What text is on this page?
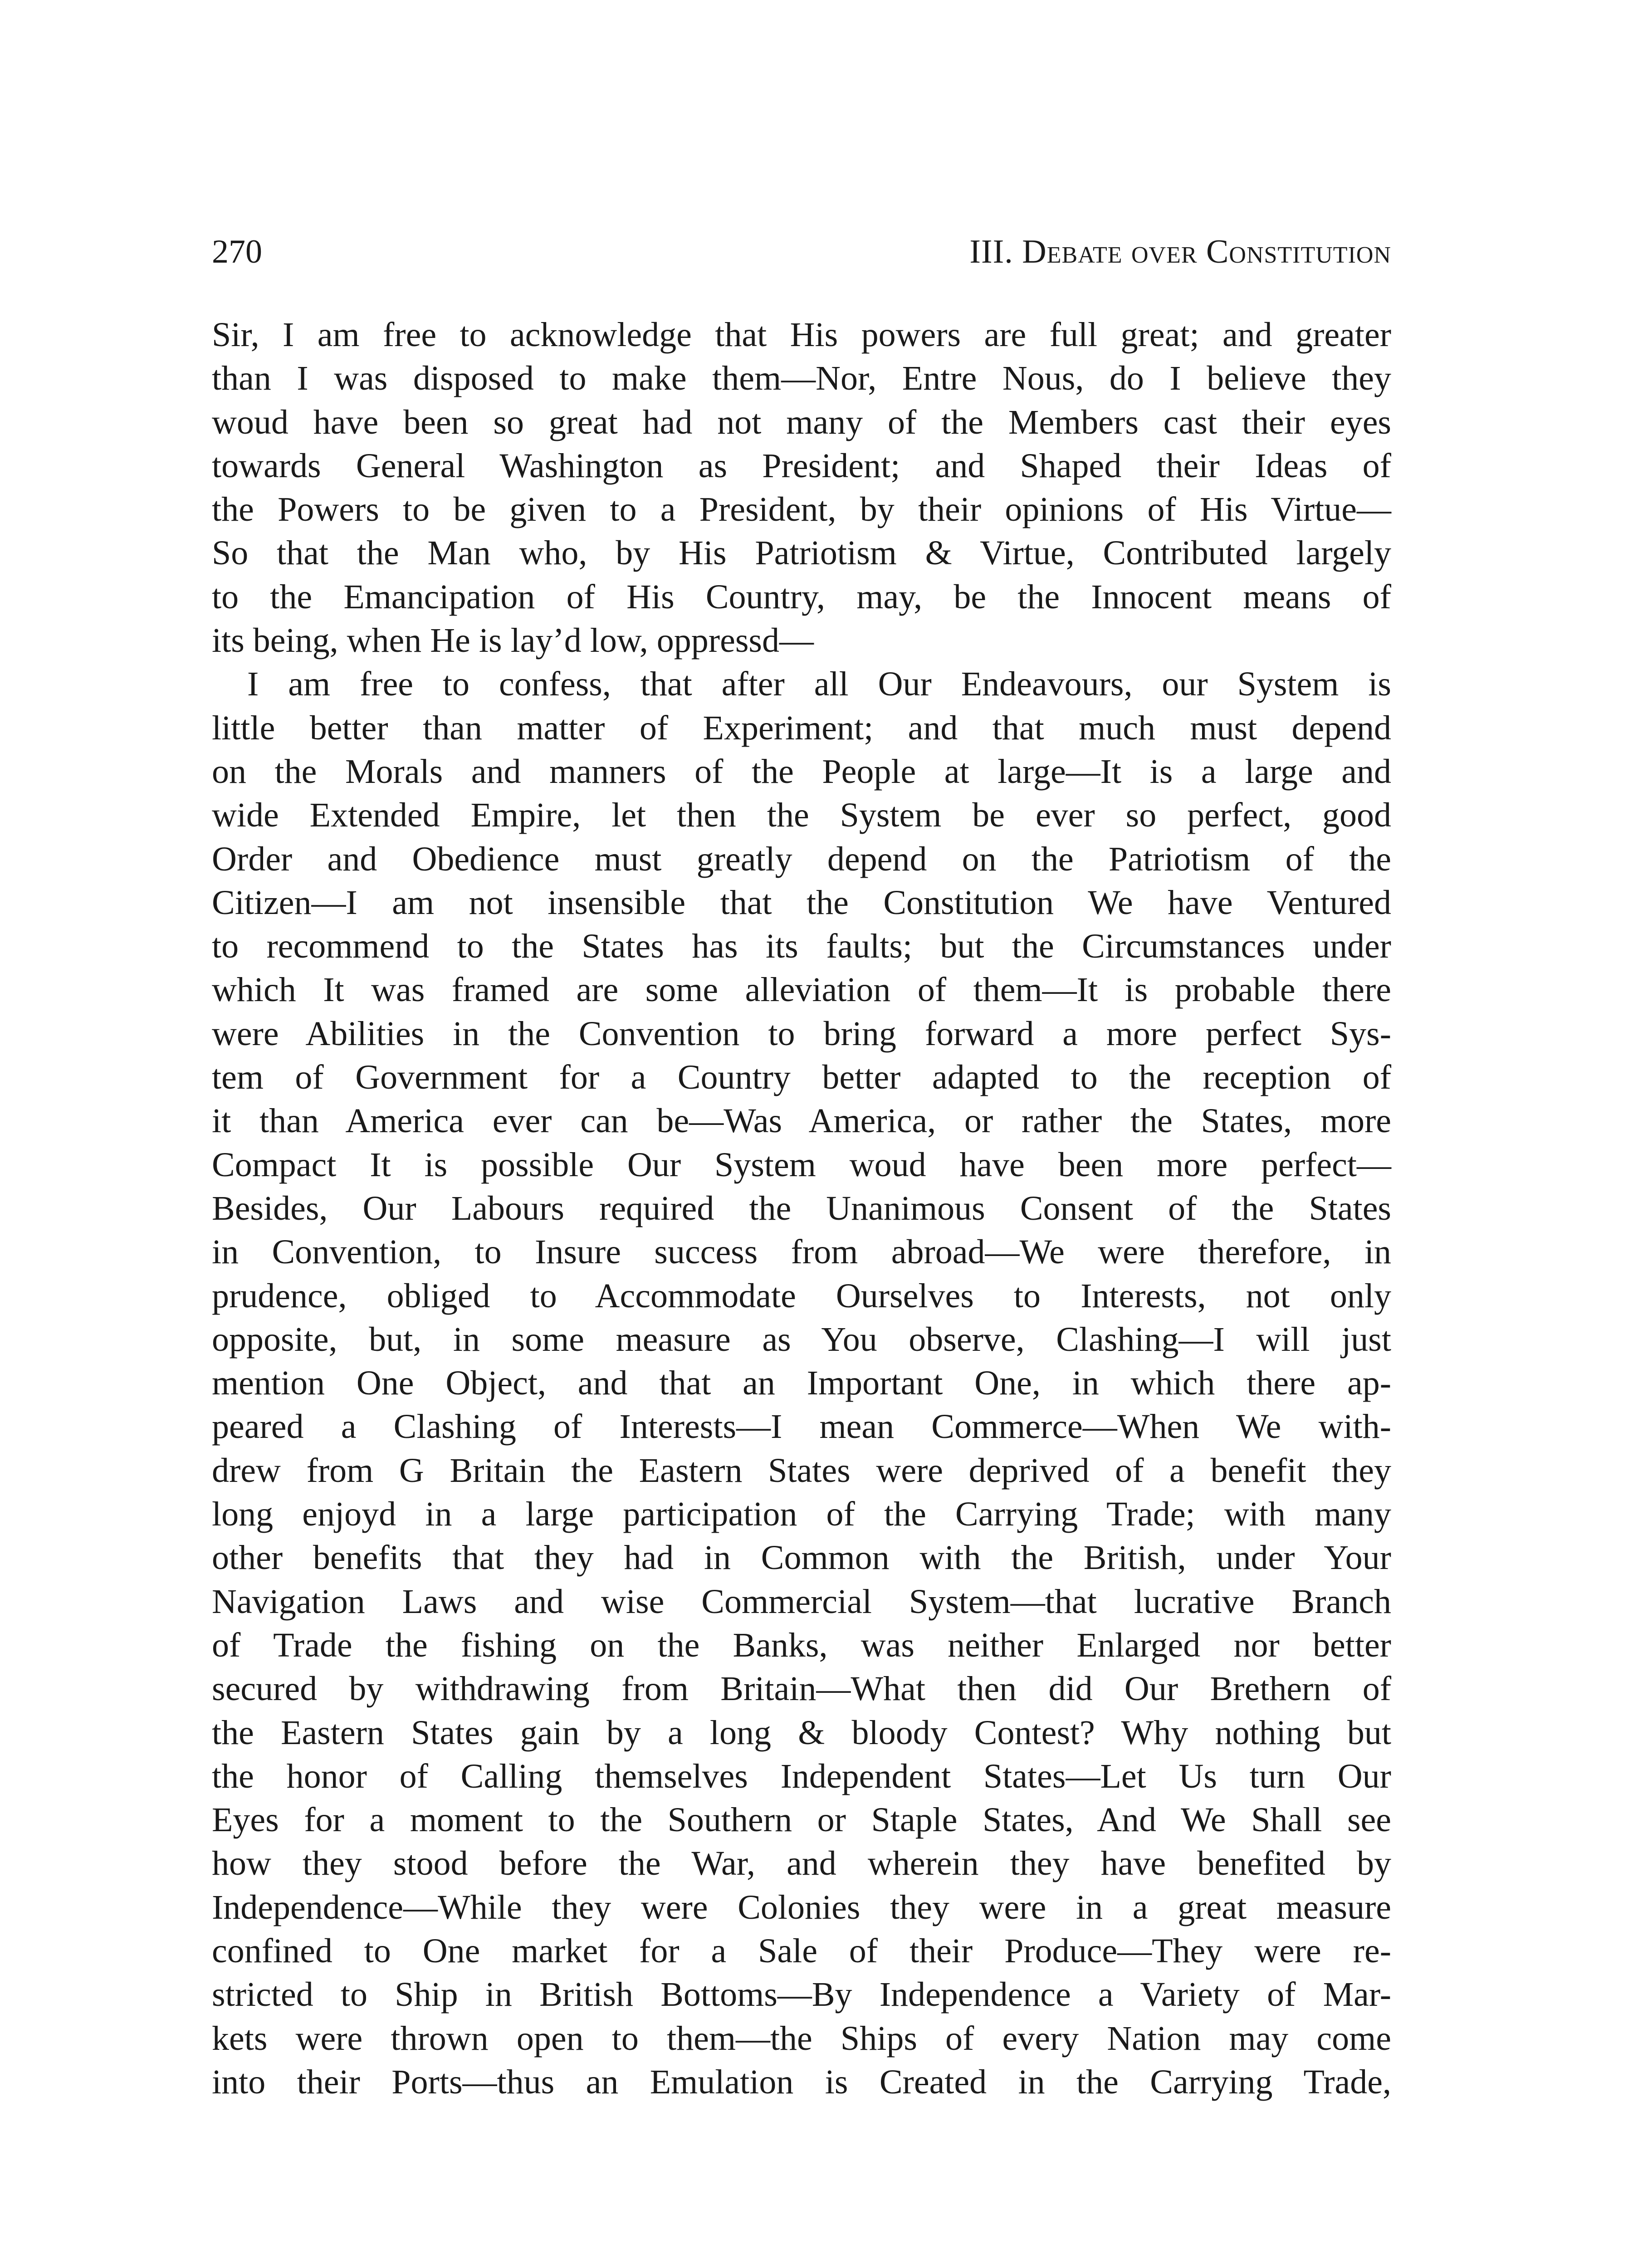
270	III. Debate over Constitution
Sir, I am free to acknowledge that His powers are full great; and greater
than I was disposed to make them—Nor, Entre Nous, do I believe they
woud have been so great had not many of the Members cast their eyes
towards General Washington as President; and Shaped their Ideas of
the Powers to be given to a President, by their opinions of His Virtue—
So that the Man who, by His Patriotism & Virtue, Contributed largely
to the Emancipation of His Country, may, be the Innocent means of
its being, when He is lay’d low, oppressd—
I am free to confess, that after all Our Endeavours, our System is
little better than matter of Experiment; and that much must depend
on the Morals and manners of the People at large—It is a large and
wide Extended Empire, let then the System be ever so perfect, good
Order and Obedience must greatly depend on the Patriotism of the
Citizen—I am not insensible that the Constitution We have Ventured
to recommend to the States has its faults; but the Circumstances under
which It was framed are some alleviation of them—It is probable there
were Abilities in the Convention to bring forward a more perfect Sys-
tem of Government for a Country better adapted to the reception of
it than America ever can be—Was America, or rather the States, more
Compact It is possible Our System woud have been more perfect—
Besides, Our Labours required the Unanimous Consent of the States
in Convention, to Insure success from abroad—We were therefore, in
prudence, obliged to Accommodate Ourselves to Interests, not only
opposite, but, in some measure as You observe, Clashing—I will just
mention One Object, and that an Important One, in which there ap-
peared a Clashing of Interests—I mean Commerce—When We with-
drew from G Britain the Eastern States were deprived of a benefit they
long enjoyd in a large participation of the Carrying Trade; with many
other benefits that they had in Common with the British, under Your
Navigation Laws and wise Commercial System—that lucrative Branch
of Trade the fishing on the Banks, was neither Enlarged nor better
secured by withdrawing from Britain—What then did Our Brethern of
the Eastern States gain by a long & bloody Contest? Why nothing but
the honor of Calling themselves Independent States—Let Us turn Our
Eyes for a moment to the Southern or Staple States, And We Shall see
how they stood before the War, and wherein they have benefited by
Independence—While they were Colonies they were in a great measure
confined to One market for a Sale of their Produce—They were re-
stricted to Ship in British Bottoms—By Independence a Variety of Mar-
kets were thrown open to them—the Ships of every Nation may come
into their Ports—thus an Emulation is Created in the Carrying Trade,
